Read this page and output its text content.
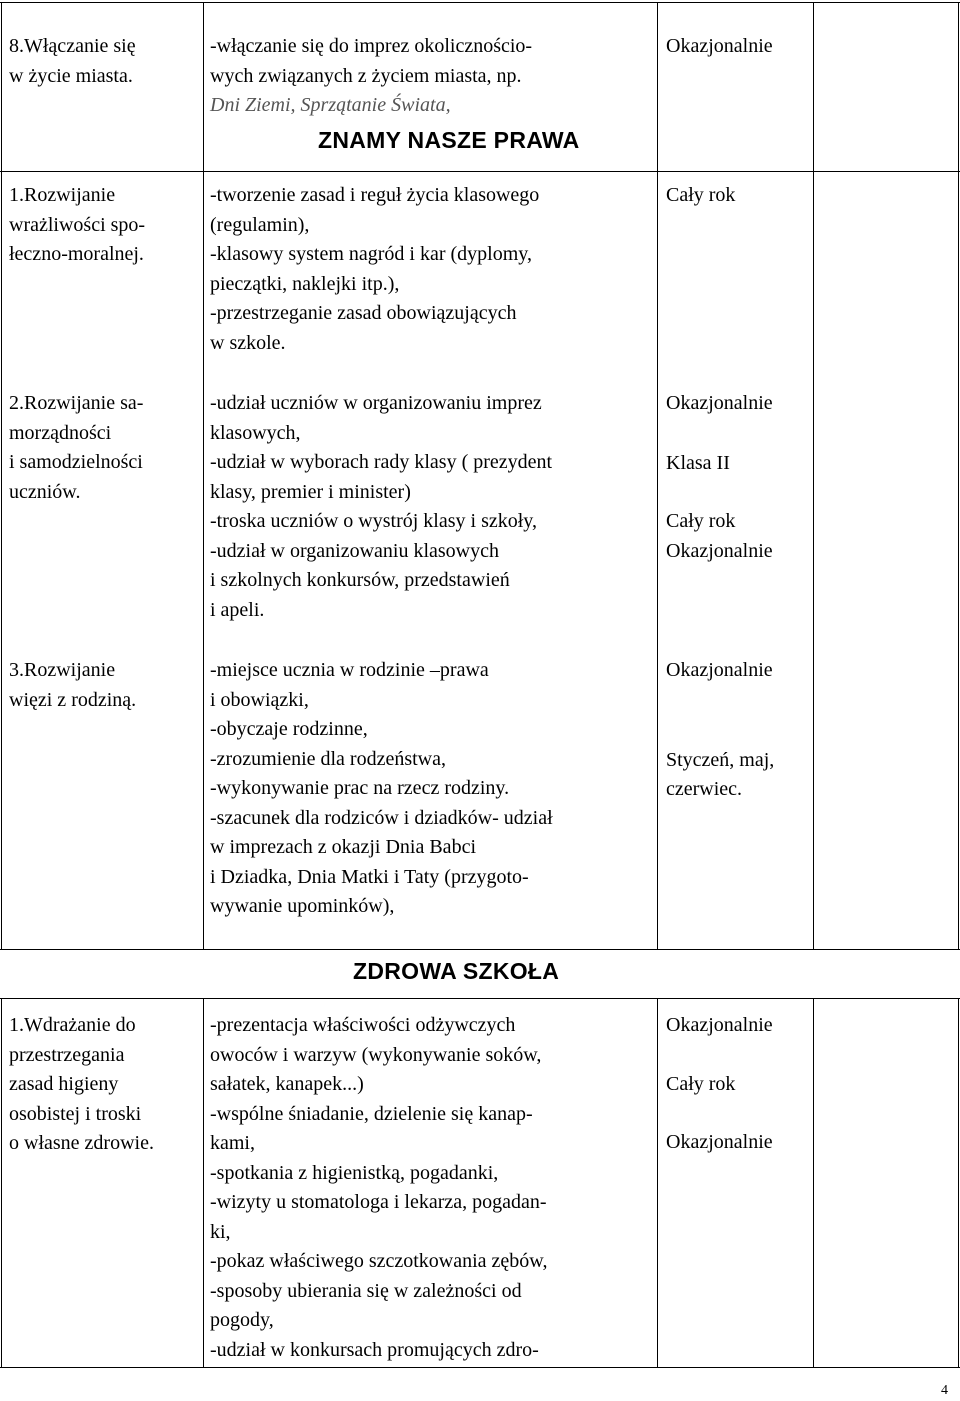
8.Włączanie się
w życie miasta.
-włączanie się do imprez okolicznościo-
wych związanych z życiem miasta, np.
Dni Ziemi, Sprzątanie Świata,
Okazjonalnie
ZNAMY NASZE PRAWA
1.Rozwijanie
wrażliwości spo-
łeczno-moralnej.
-tworzenie zasad i reguł życia klasowego
(regulamin),
-klasowy system nagród i kar (dyplomy,
pieczątki, naklejki itp.),
-przestrzeganie zasad obowiązujących
w szkole.
Cały rok
2.Rozwijanie sa-
morządności
i samodzielności
uczniów.
-udział uczniów w organizowaniu imprez
klasowych,
-udział w wyborach rady klasy ( prezydent
klasy, premier i minister)
-troska uczniów o wystrój klasy i szkoły,
-udział w organizowaniu klasowych
i szkolnych konkursów, przedstawień
i apeli.
Okazjonalnie
Klasa II
Cały rok
Okazjonalnie
3.Rozwijanie
więzi z rodziną.
-miejsce ucznia w rodzinie –prawa
i obowiązki,
-obyczaje rodzinne,
-zrozumienie dla rodzeństwa,
-wykonywanie prac na rzecz rodziny.
-szacunek dla rodziców i dziadków- udział
w imprezach z okazji Dnia Babci
i Dziadka, Dnia Matki i Taty (przygoto-
wywanie upominków),
Okazjonalnie
Styczeń, maj,
czerwiec.
ZDROWA SZKOŁA
1.Wdrażanie do
przestrzegania
zasad higieny
osobistej i troski
o własne zdrowie.
-prezentacja właściwości odżywczych
owoców i warzyw (wykonywanie soków,
sałatek, kanapek...)
-wspólne śniadanie, dzielenie się kanap-
kami,
-spotkania z higienistką, pogadanki,
-wizyty u stomatologa i lekarza, pogadan-
ki,
-pokaz właściwego szczotkowania zębów,
-sposoby ubierania się w zależności od
pogody,
-udział w konkursach promujących zdro-
Okazjonalnie
Cały rok
Okazjonalnie
4
